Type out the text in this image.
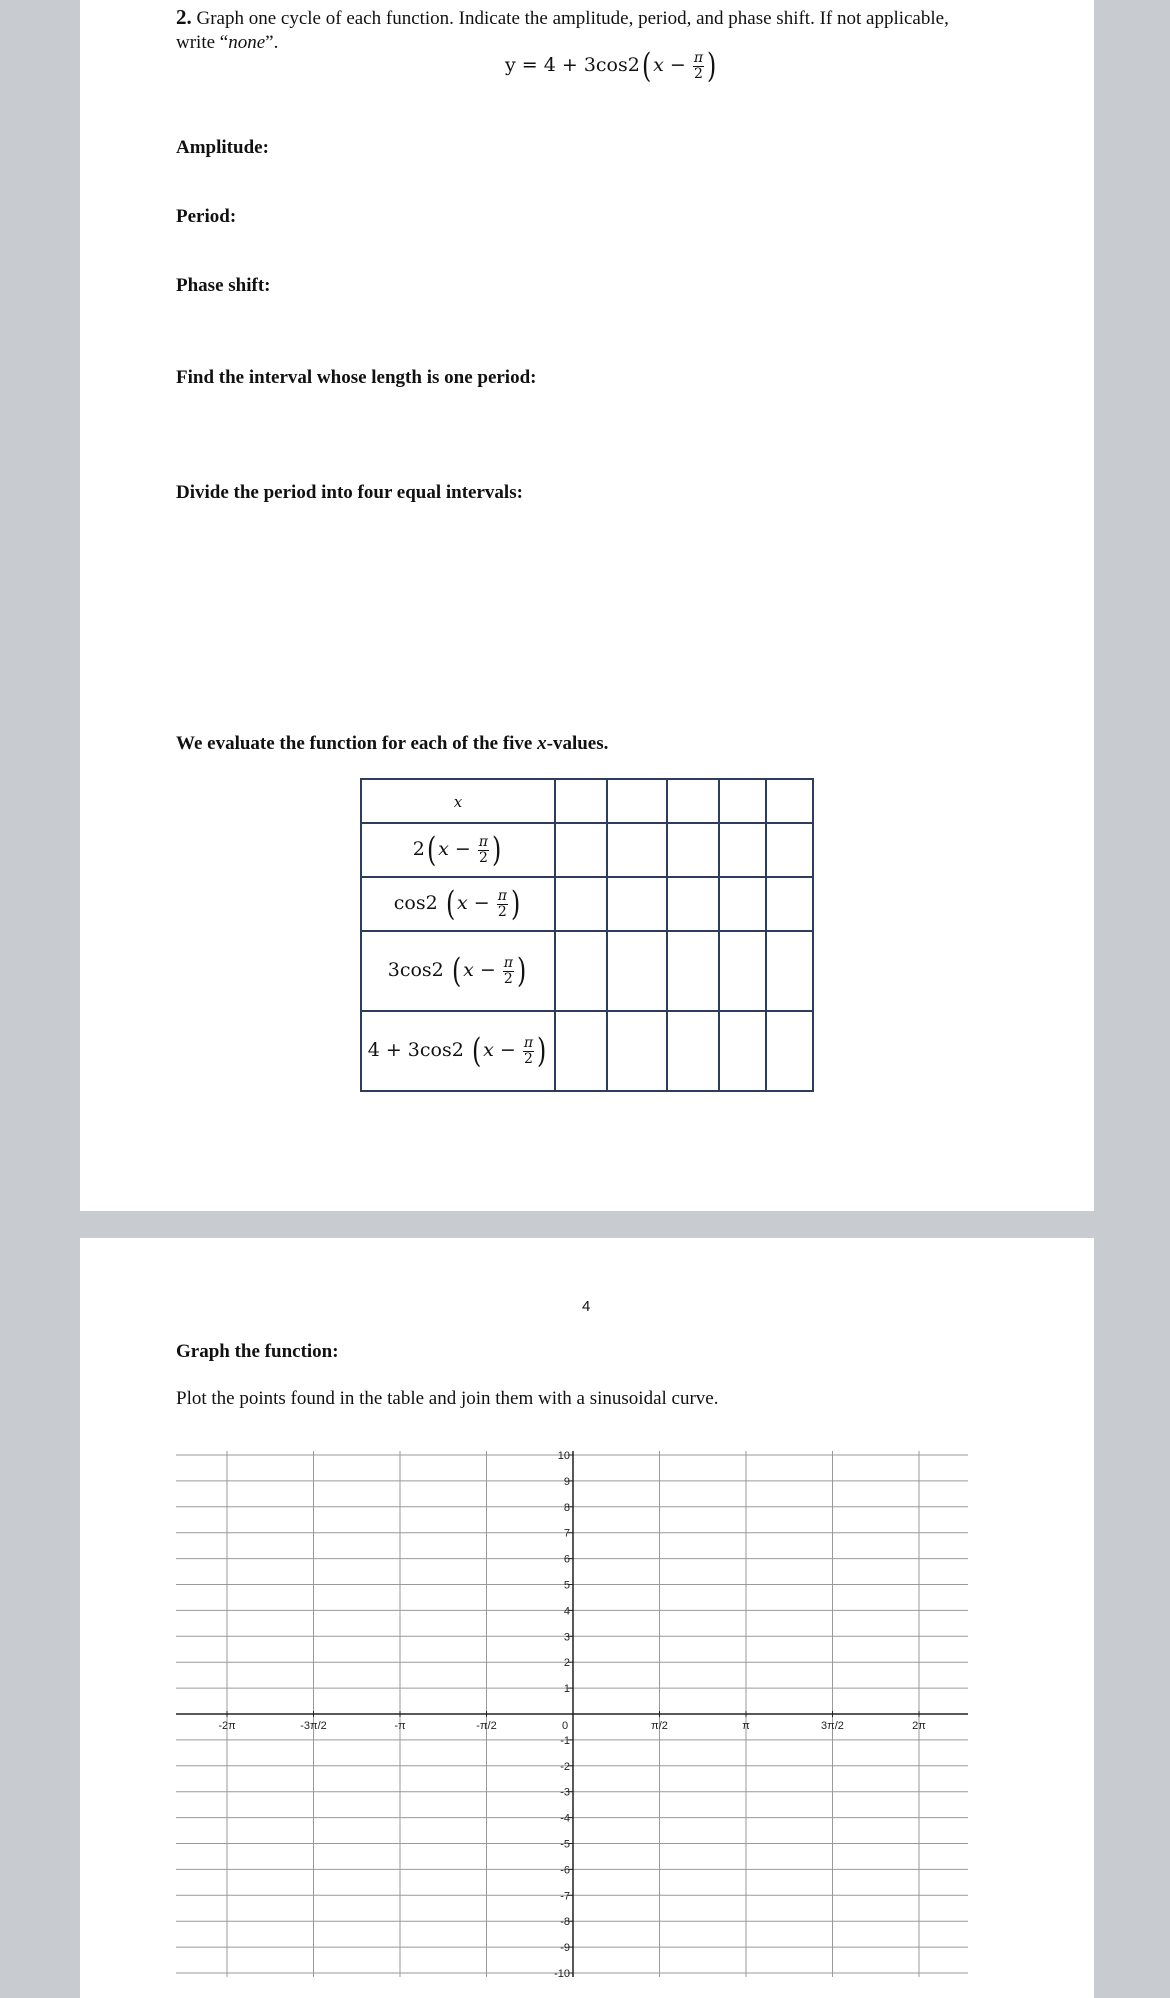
2. Graph one cycle of each function. Indicate the amplitude, period, and phase shift. If not applicable,
write “none”.
y = 4 + 3cos2( $x - \frac{\pi}{2}$ )
Amplitude:
Period:
Phase shift:
Find the interval whose length is one period:
Divide the period into four equal intervals:
We evaluate the function for each of the five x-values.
x					
2( $x - \frac{\pi}{2}$ )					
cos2 ( $x - \frac{\pi}{2}$ )					
3cos2 ( $x - \frac{\pi}{2}$ )					
4 + 3cos2 ( $x - \frac{\pi}{2}$ )					
4
Graph the function:
Plot the points found in the table and join them with a sinusoidal curve.
-2π	-3π/2	-π	-π/2	0	π/2	π	3π/2	2π
10
9
8
7
6
5
4
3
2
1
-1
-2
-3
-4
-5
-6
-7
-8
-9
-10
